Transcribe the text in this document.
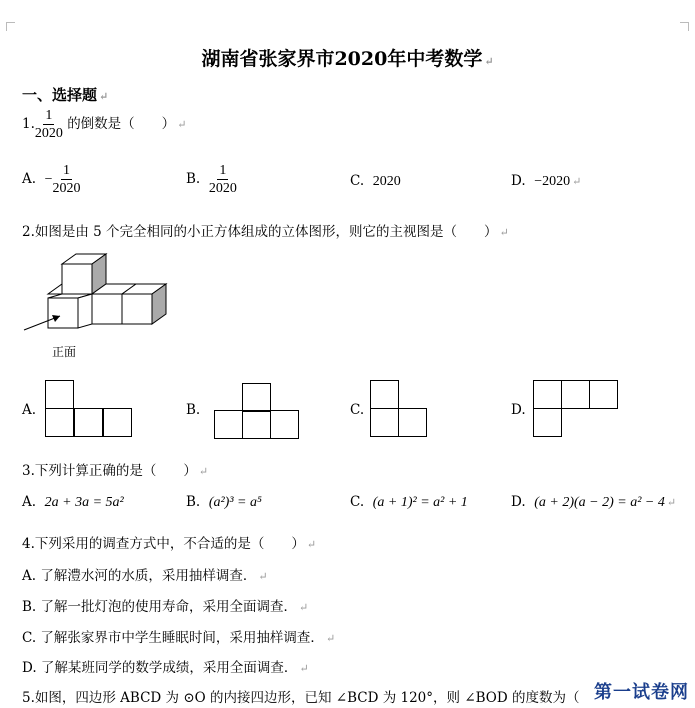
湖南省张家界市2020年中考数学 ↵
一、选择题 ↵
1. $\frac{1}{2020}$ 的倒数是（　　） ↵
A. − $\frac{1}{2020}$	B. $\frac{1}{2020}$	C. 2020	D. −2020 ↵
2.如图是由 5 个完全相同的小正方体组成的立体图形，则它的主视图是（　　） ↵
正面
A.	B.	C.	D.
3.下列计算正确的是（　　） ↵
A. 2a + 3a = 5a²	B. (a²)³ = a⁵	C. (a + 1)² = a² + 1	D. (a + 2)(a − 2) = a² − 4 ↵
4.下列采用的调查方式中，不合适的是（　　） ↵
A. 了解澧水河的水质，采用抽样调查． ↵
B. 了解一批灯泡的使用寿命，采用全面调查． ↵
C. 了解张家界市中学生睡眠时间，采用抽样调查． ↵
D. 了解某班同学的数学成绩，采用全面调查． ↵
5.如图，四边形 ABCD 为 ⊙O 的内接四边形，已知 ∠BCD 为 120°，则 ∠BOD 的度数为（ 第一试卷网
